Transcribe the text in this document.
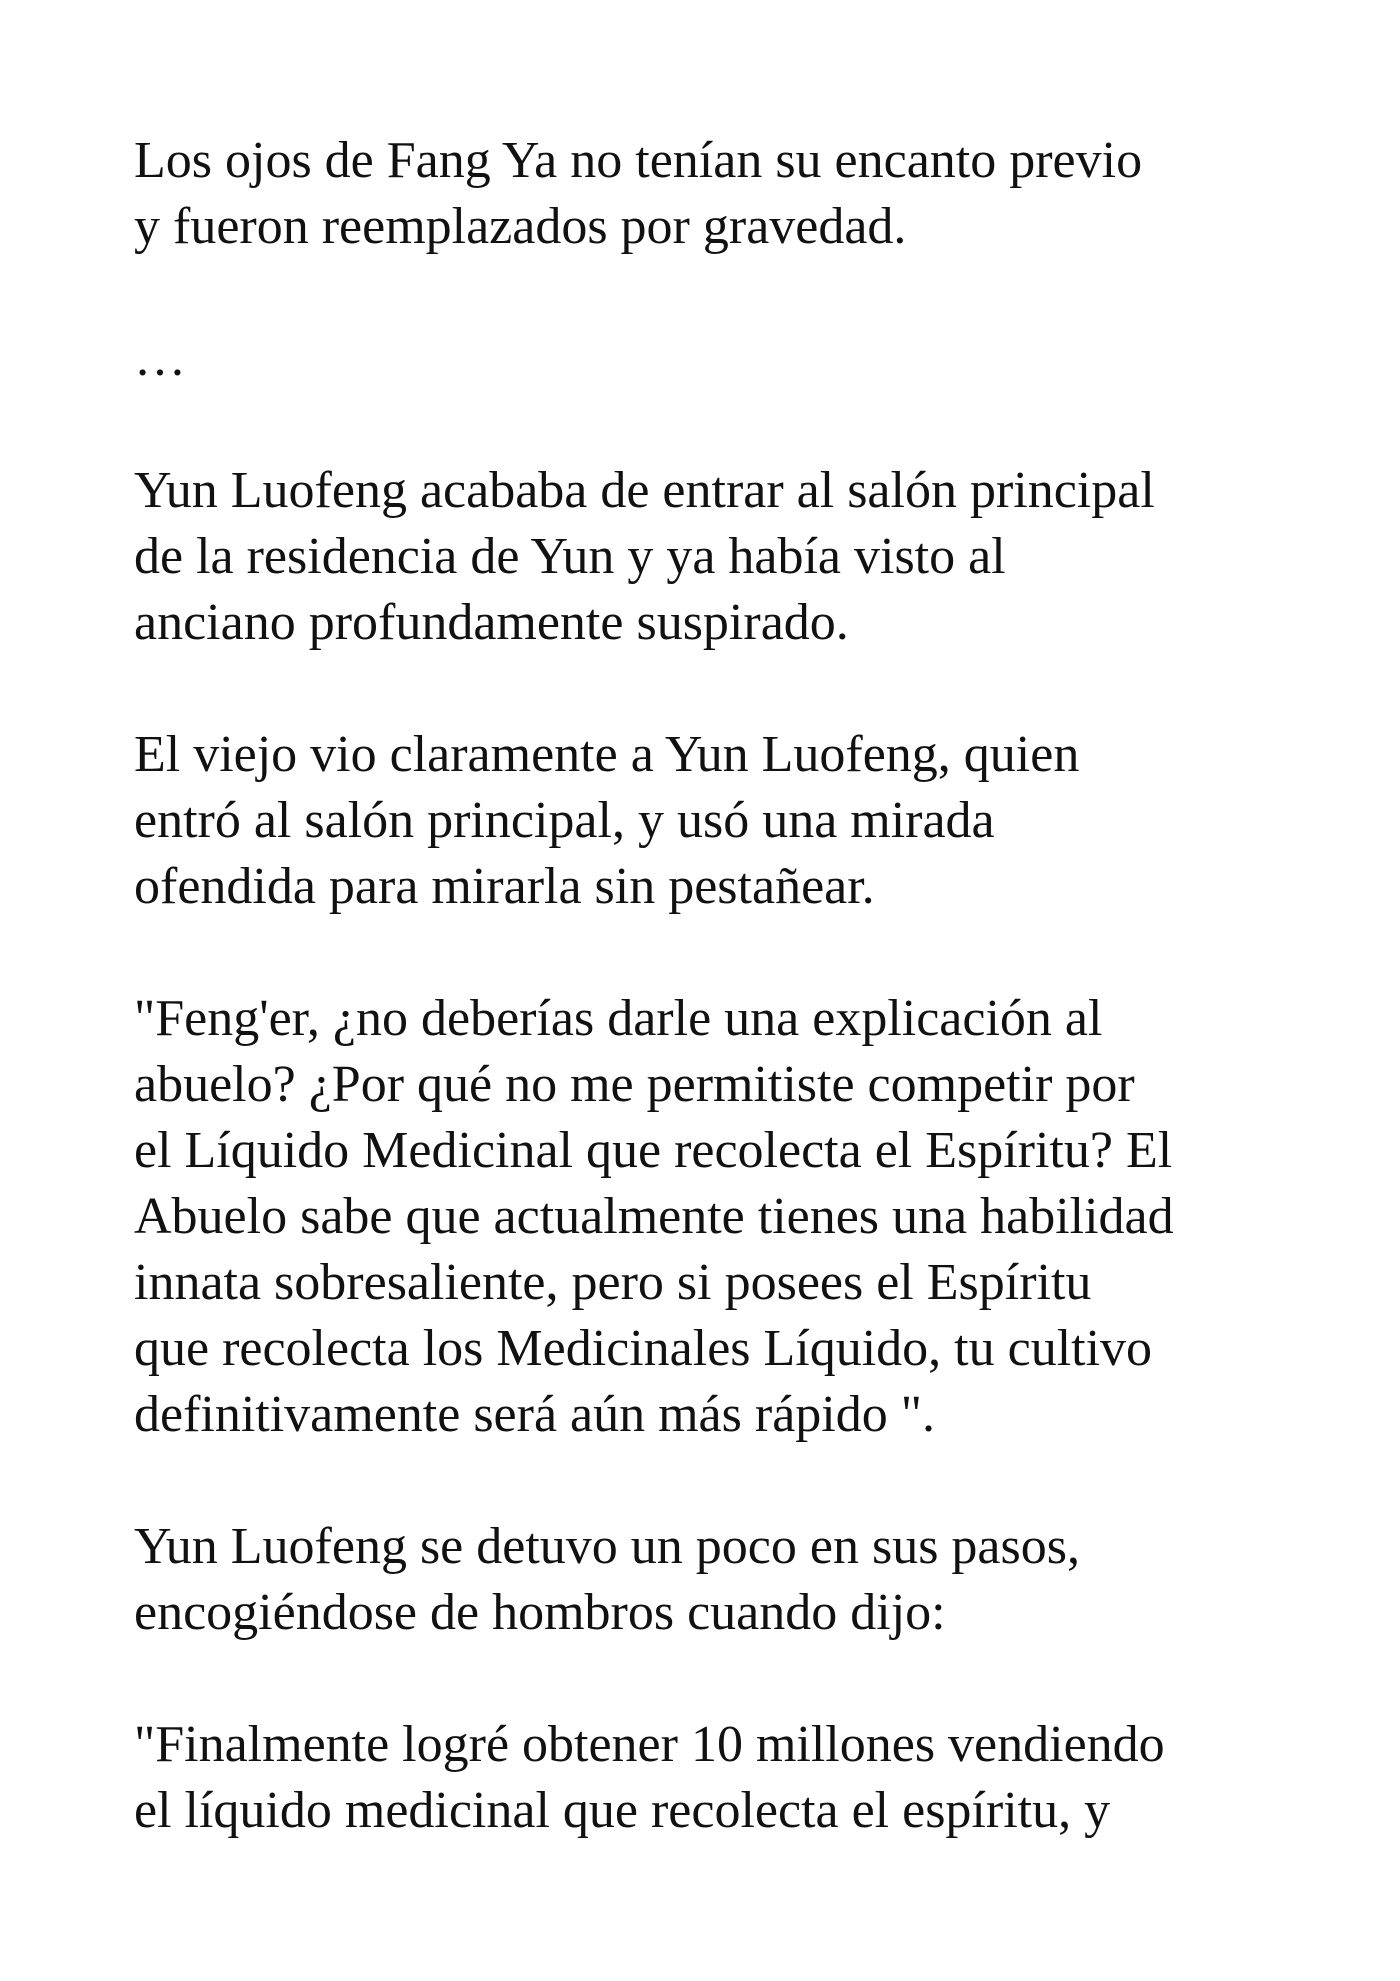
Los ojos de Fang Ya no tenían su encanto previo
y fueron reemplazados por gravedad.

…

Yun Luofeng acababa de entrar al salón principal
de la residencia de Yun y ya había visto al
anciano profundamente suspirado.

El viejo vio claramente a Yun Luofeng, quien
entró al salón principal, y usó una mirada
ofendida para mirarla sin pestañear.

"Feng'er, ¿no deberías darle una explicación al
abuelo? ¿Por qué no me permitiste competir por
el Líquido Medicinal que recolecta el Espíritu? El
Abuelo sabe que actualmente tienes una habilidad
innata sobresaliente, pero si posees el Espíritu
que recolecta los Medicinales Líquido, tu cultivo
definitivamente será aún más rápido ".

Yun Luofeng se detuvo un poco en sus pasos,
encogiéndose de hombros cuando dijo:

"Finalmente logré obtener 10 millones vendiendo
el líquido medicinal que recolecta el espíritu, y
